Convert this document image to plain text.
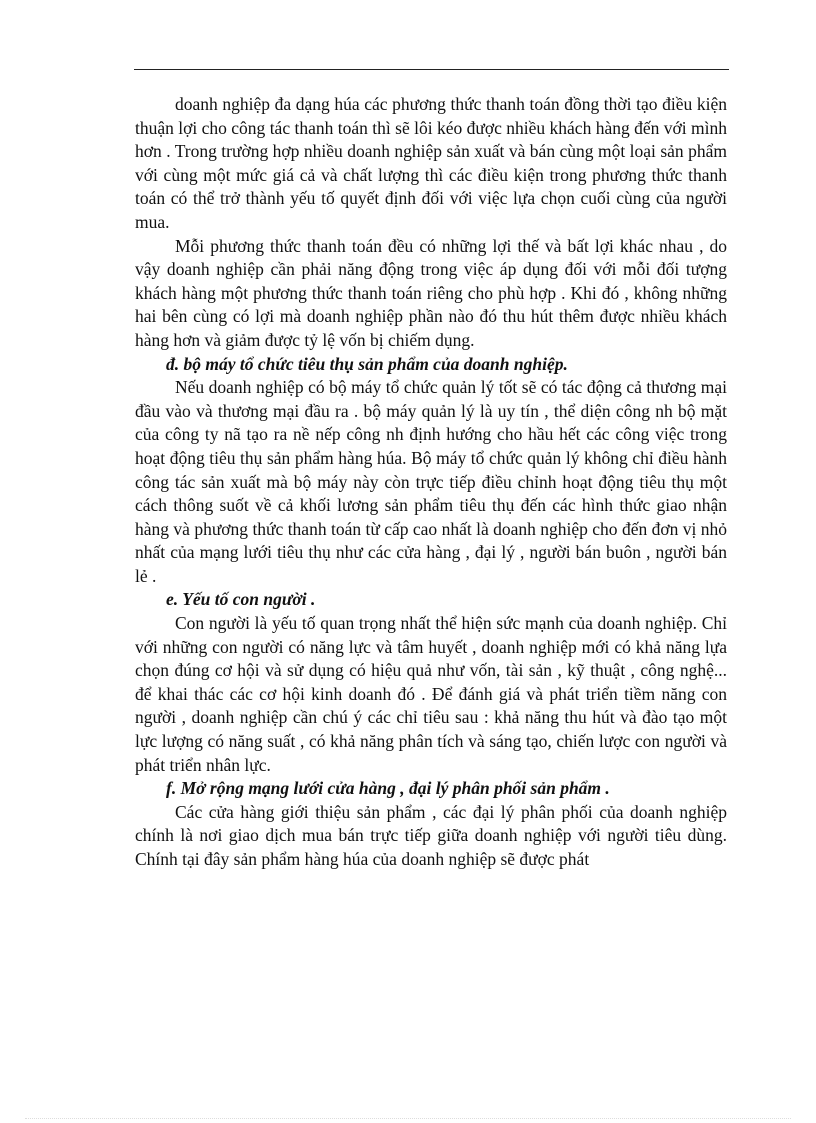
doanh nghiệp đa dạng húa các phương thức thanh toán đồng thời tạo điều kiện thuận lợi cho công tác thanh toán thì sẽ lôi kéo được nhiều khách hàng đến với mình hơn . Trong trường hợp nhiều doanh nghiệp sản xuất và bán cùng một loại sản phẩm với cùng một mức giá cả và chất lượng thì các điều kiện trong phương thức thanh toán có thể trở thành yếu tố quyết định đối với việc lựa chọn cuối cùng của người mua.

Mỗi phương thức thanh toán đều có những lợi thế và bất lợi khác nhau , do vậy doanh nghiệp cần phải năng động trong việc áp dụng đối với mỗi đối tượng khách hàng một phương thức thanh toán riêng cho phù hợp . Khi đó , không những hai bên cùng có lợi mà doanh nghiệp phần nào đó thu hút thêm được nhiều khách hàng hơn và giảm được tỷ lệ vốn bị chiếm dụng.

đ. bộ máy tổ chức tiêu thụ sản phẩm của doanh nghiệp.

Nếu doanh nghiệp có bộ máy tổ chức quản lý tốt sẽ có tác động cả thương mại đầu vào và thương mại đầu ra . bộ máy quản lý là uy tín , thể diện công nh bộ mặt của công ty nã tạo ra nề nếp công nh định hướng cho hầu hết các công việc trong hoạt động tiêu thụ sản phẩm hàng húa. Bộ máy tổ chức quản lý không chỉ điều hành công tác sản xuất mà bộ máy này còn trực tiếp điều chỉnh hoạt động tiêu thụ một cách thông suốt về cả khối lương sản phẩm tiêu thụ đến các hình thức giao nhận hàng và phương thức thanh toán từ cấp cao nhất là doanh nghiệp cho đến đơn vị nhỏ nhất của mạng lưới tiêu thụ như các cửa hàng , đại lý , người bán buôn , người bán lẻ .

e. Yếu tố con người .

Con người là yếu tố quan trọng nhất thể hiện sức mạnh của doanh nghiệp. Chỉ với những con người có năng lực và tâm huyết , doanh nghiệp mới có khả năng lựa chọn đúng cơ hội và sử dụng có hiệu quả như vốn, tài sản , kỹ thuật , công nghệ... để khai thác các cơ hội kinh doanh đó . Để đánh giá và phát triển tiềm năng con người , doanh nghiệp cần chú ý các chỉ tiêu sau : khả năng thu hút và đào tạo một lực lượng có năng suất , có khả năng phân tích và sáng tạo, chiến lược con người và phát triển nhân lực.

f. Mở rộng mạng lưới cửa hàng , đại lý phân phối sản phẩm .

Các cửa hàng giới thiệu sản phẩm , các đại lý phân phối của doanh nghiệp chính là nơi giao dịch mua bán trực tiếp giữa doanh nghiệp với người tiêu dùng. Chính tại đây sản phẩm hàng húa của doanh nghiệp sẽ được phát
